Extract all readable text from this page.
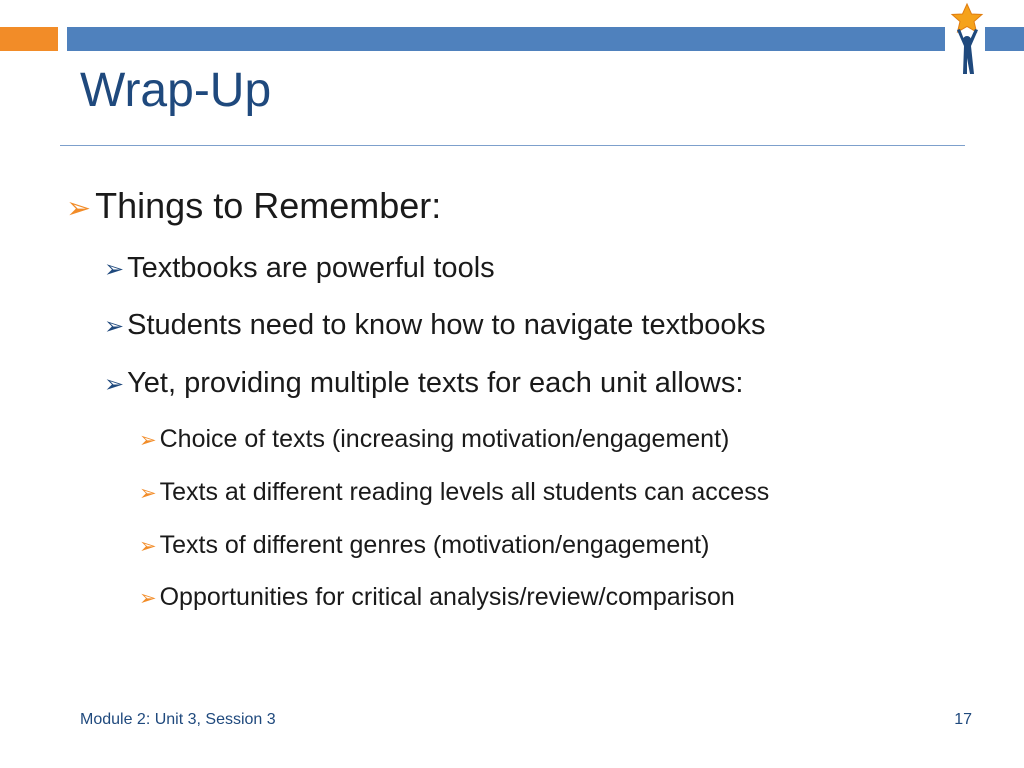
Wrap-Up
➢ Things to Remember:
➢ Textbooks are powerful tools
➢ Students need to know how to navigate textbooks
➢ Yet, providing multiple texts for each unit allows:
➢ Choice of texts (increasing motivation/engagement)
➢ Texts at different reading levels all students can access
➢ Texts of different genres (motivation/engagement)
➢ Opportunities for critical analysis/review/comparison
Module 2: Unit 3, Session 3	17
